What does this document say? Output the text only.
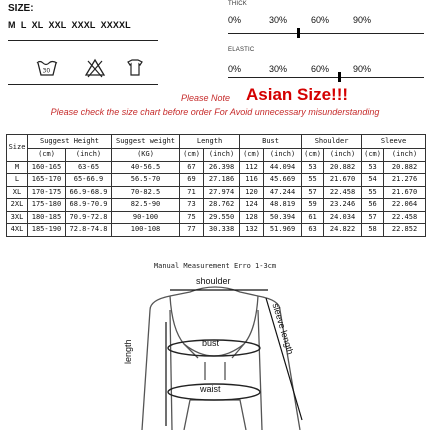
SIZE:
M L XL XXL XXXL XXXXL
30
THICK
0%	30%	60%	90%
ELASTIC
0%	30%	60%	90%
Please Note Asian Size!!!
Please check the size chart before order For Avoid unnecessary misunderstanding
Size	Suggest Height		Suggest weight	Length		Bust		Shoulder		Sleeve	
	(cm)	(inch)	(KG)	(cm)	(inch)	(cm)	(inch)	(cm)	(inch)	(cm)	(inch)
M	160-165	63-65	40-56.5	67	26.398	112	44.094	53	20.882	53	20.882
L	165-170	65-66.9	56.5-70	69	27.186	116	45.669	55	21.670	54	21.276
XL	170-175	66.9-68.9	70-82.5	71	27.974	120	47.244	57	22.458	55	21.670
2XL	175-180	68.9-70.9	82.5-90	73	28.762	124	48.819	59	23.246	56	22.064
3XL	180-185	70.9-72.8	90-100	75	29.550	128	50.394	61	24.034	57	22.458
4XL	185-190	72.8-74.8	100-108	77	30.338	132	51.969	63	24.822	58	22.852
Manual Measurement Erro 1-3cm
shoulder
bust
waist
length	sleeve length
